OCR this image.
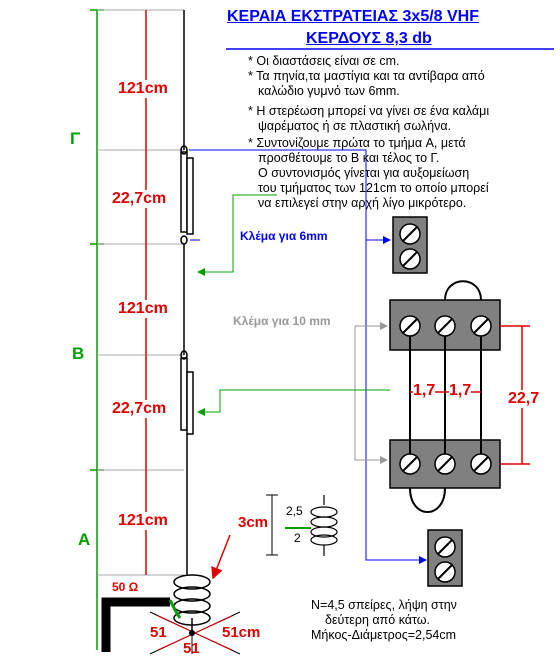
ΚΕΡΑΙΑ ΕΚΣΤΡΑΤΕΙΑΣ 3x5/8 VHF
ΚΕΡΔΟΥΣ 8,3 db
* Οι διαστάσεις είναι σε cm.
* Τα πηνία,τα μαστίγια και τα αντίβαρα από
καλώδιο γυμνό των 6mm.
* Η στερέωση μπορεί να γίνει σε ένα καλάμι
ψαρέματος ή σε πλαστική σωλήνα.
* Συντονίζουμε πρώτα το τμήμα A, μετά
προσθέτουμε το B και τέλος το Γ.
Ο συντονισμός γίνεται για αυξομείωση
του τμήματος των 121cm το οποίο μπορεί
να επιλεγεί στην αρχή λίγο μικρότερο.
Γ
B
A
121cm
22,7cm
121cm
22,7cm
121cm	3cm
2,5
2
50 Ω
51	51cm
51
1,7 1,7 22,7
Κλέμα για 6mm
Κλέμα για 10 mm
N=4,5 σπείρες, λήψη στην
δεύτερη από κάτω.
Μήκος-Διάμετρος=2,54cm
